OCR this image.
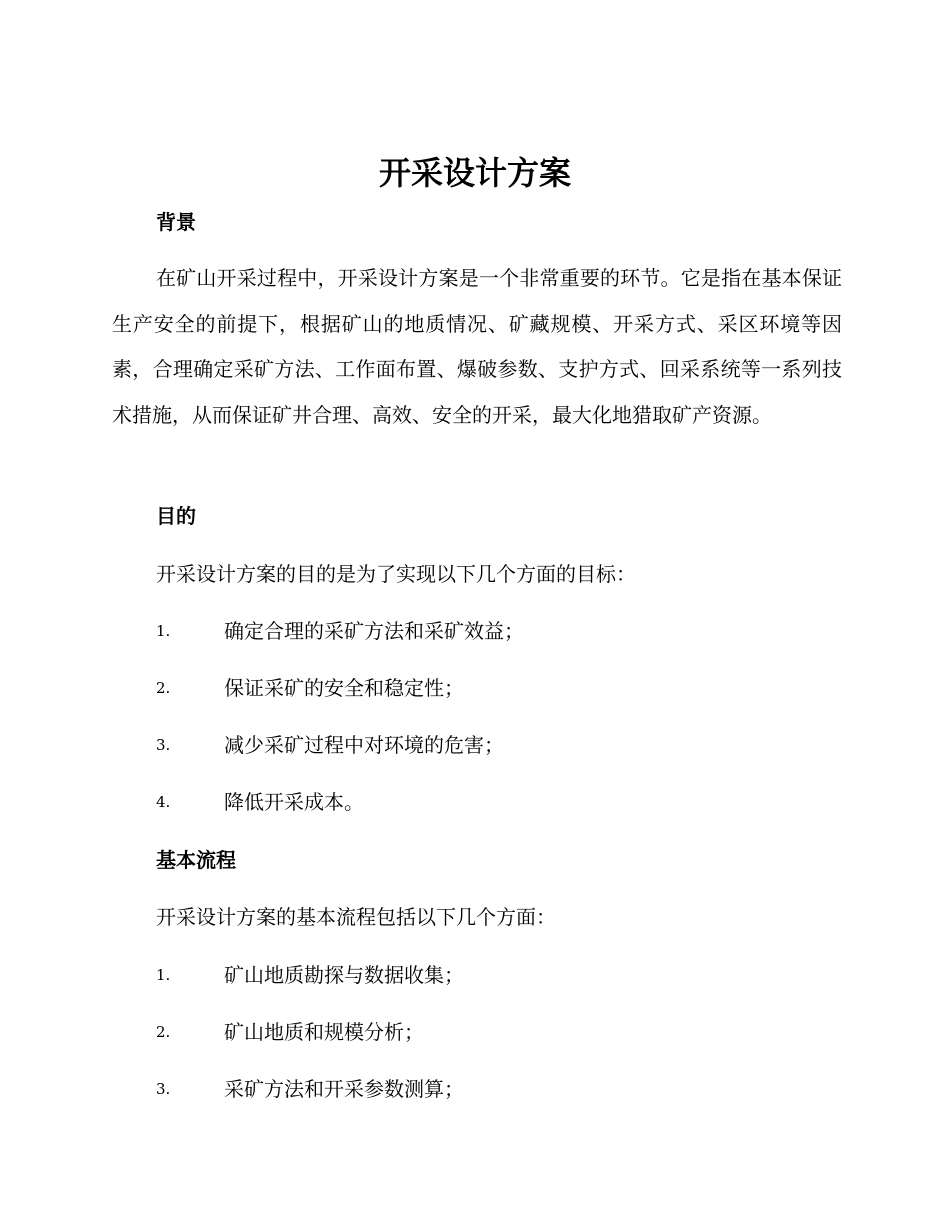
开采设计方案
背景

在矿山开采过程中，开采设计方案是一个非常重要的环节。它是指在基本保证生产安全的前提下，根据矿山的地质情况、矿藏规模、开采方式、采区环境等因素，合理确定采矿方法、工作面布置、爆破参数、支护方式、回采系统等一系列技术措施，从而保证矿井合理、高效、安全的开采，最大化地猎取矿产资源。

目的

开采设计方案的目的是为了实现以下几个方面的目标：

1.	确定合理的采矿方法和采矿效益；
2.	保证采矿的安全和稳定性；
3.	减少采矿过程中对环境的危害；
4.	降低开采成本。
基本流程

开采设计方案的基本流程包括以下几个方面：

1.	矿山地质勘探与数据收集；
2.	矿山地质和规模分析；
3.	采矿方法和开采参数测算；
